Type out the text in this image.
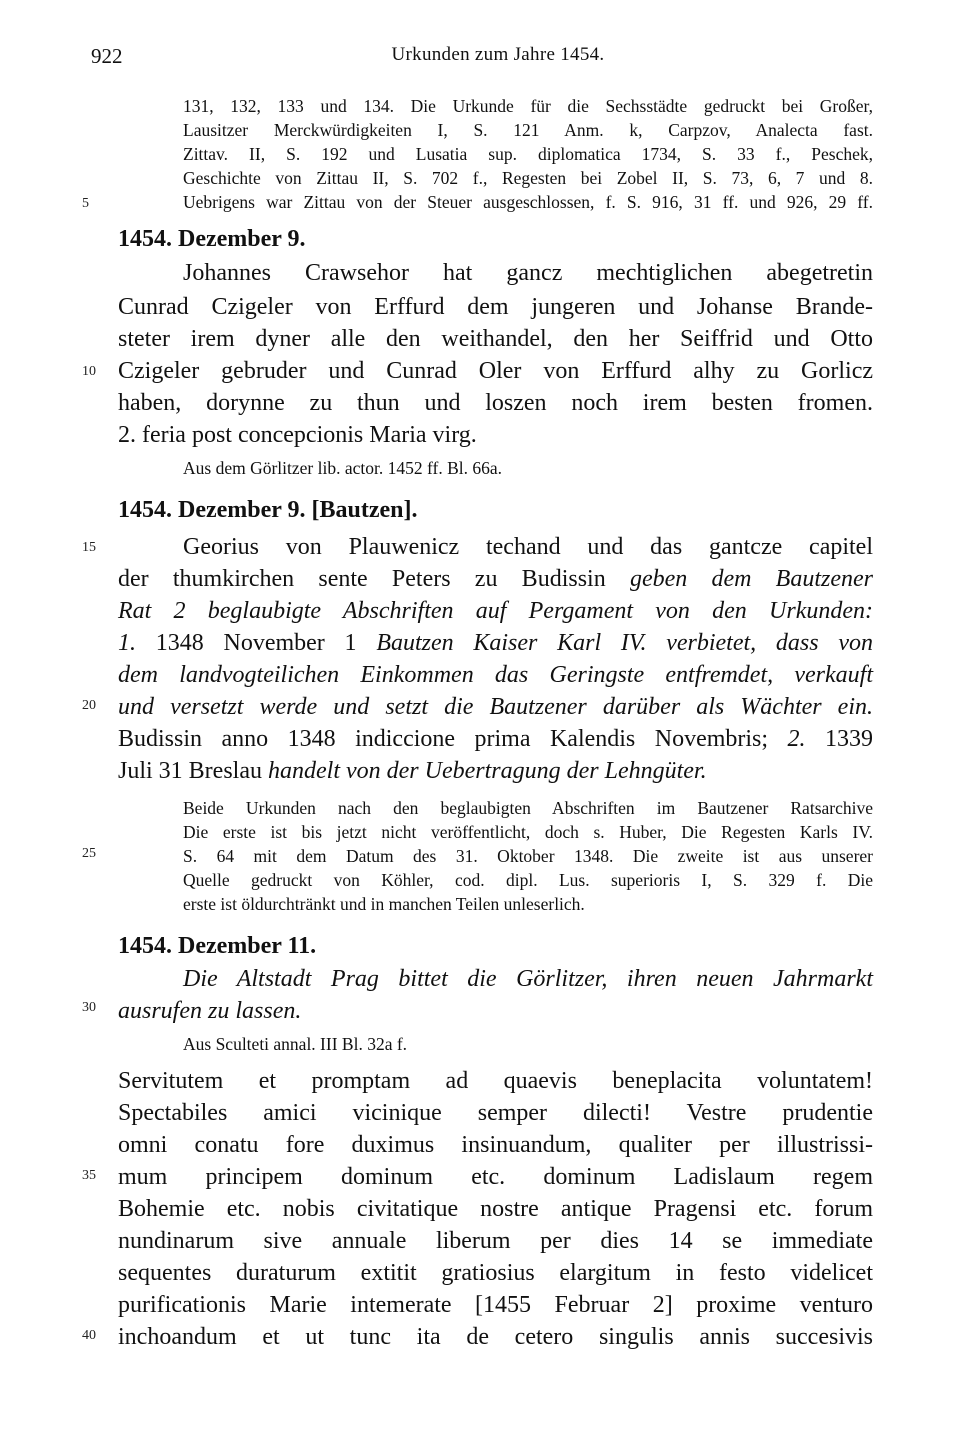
922	Urkunden zum Jahre 1454.
131, 132, 133 und 134. Die Urkunde für die Sechsstädte gedruckt bei Großer,
Lausitzer Merckwürdigkeiten I, S. 121 Anm. k, Carpzov, Analecta fast.
Zittav. II, S. 192 und Lusatia sup. diplomatica 1734, S. 33 f., Peschek,
Geschichte von Zittau II, S. 702 f., Regesten bei Zobel II, S. 73, 6, 7 und 8.
Uebrigens war Zittau von der Steuer ausgeschlossen, f. S. 916, 31 ff. und 926, 29 ff.
5
1454. Dezember 9.
Johannes Crawsehor hat gancz mechtiglichen abegetretin
Cunrad Czigeler von Erffurd dem jungeren und Johanse Brande-
steter irem dyner alle den weithandel, den her Seiffrid und Otto
Czigeler gebruder und Cunrad Oler von Erffurd alhy zu Gorlicz
10
haben, dorynne zu thun und loszen noch irem besten fromen.
2. feria post concepcionis Maria virg.
Aus dem Görlitzer lib. actor. 1452 ff. Bl. 66a.
1454. Dezember 9. [Bautzen].
15	Georius von Plauwenicz techand und das gantcze capitel
der thumkirchen sente Peters zu Budissin geben dem Bautzener
Rat 2 beglaubigte Abschriften auf Pergament von den Urkunden:
1. 1348 November 1 Bautzen Kaiser Karl IV. verbietet, dass von
dem landvogteilichen Einkommen das Geringste entfremdet, verkauft
20 und versetzt werde und setzt die Bautzener darüber als Wächter ein.
Budissin anno 1348 indiccione prima Kalendis Novembris; 2. 1339
Juli 31 Breslau handelt von der Uebertragung der Lehngüter.
Beide Urkunden nach den beglaubigten Abschriften im Bautzener Ratsarchive
Die erste ist bis jetzt nicht veröffentlicht, doch s. Huber, Die Regesten Karls IV.
25	S. 64 mit dem Datum des 31. Oktober 1348. Die zweite ist aus unserer
Quelle gedruckt von Köhler, cod. dipl. Lus. superioris I, S. 329 f. Die
erste ist öldurchtränkt und in manchen Teilen unleserlich.
1454. Dezember 11.
Die Altstadt Prag bittet die Görlitzer, ihren neuen Jahrmarkt
30 ausrufen zu lassen.
Aus Sculteti annal. III Bl. 32a f.
Servitutem et promptam ad quaevis beneplacita voluntatem!
Spectabiles amici vicinique semper dilecti! Vestre prudentie
omni conatu fore duximus insinuandum, qualiter per illustrissi-
35 mum principem dominum etc. dominum Ladislaum regem
Bohemie etc. nobis civitatique nostre antique Pragensi etc. forum
nundinarum sive annuale liberum per dies 14 se immediate
sequentes duraturum extitit gratiosius elargitum in festo videlicet
purificationis Marie intemerate [1455 Februar 2] proxime venturo
40 inchoandum et ut tunc ita de cetero singulis annis succesivis
